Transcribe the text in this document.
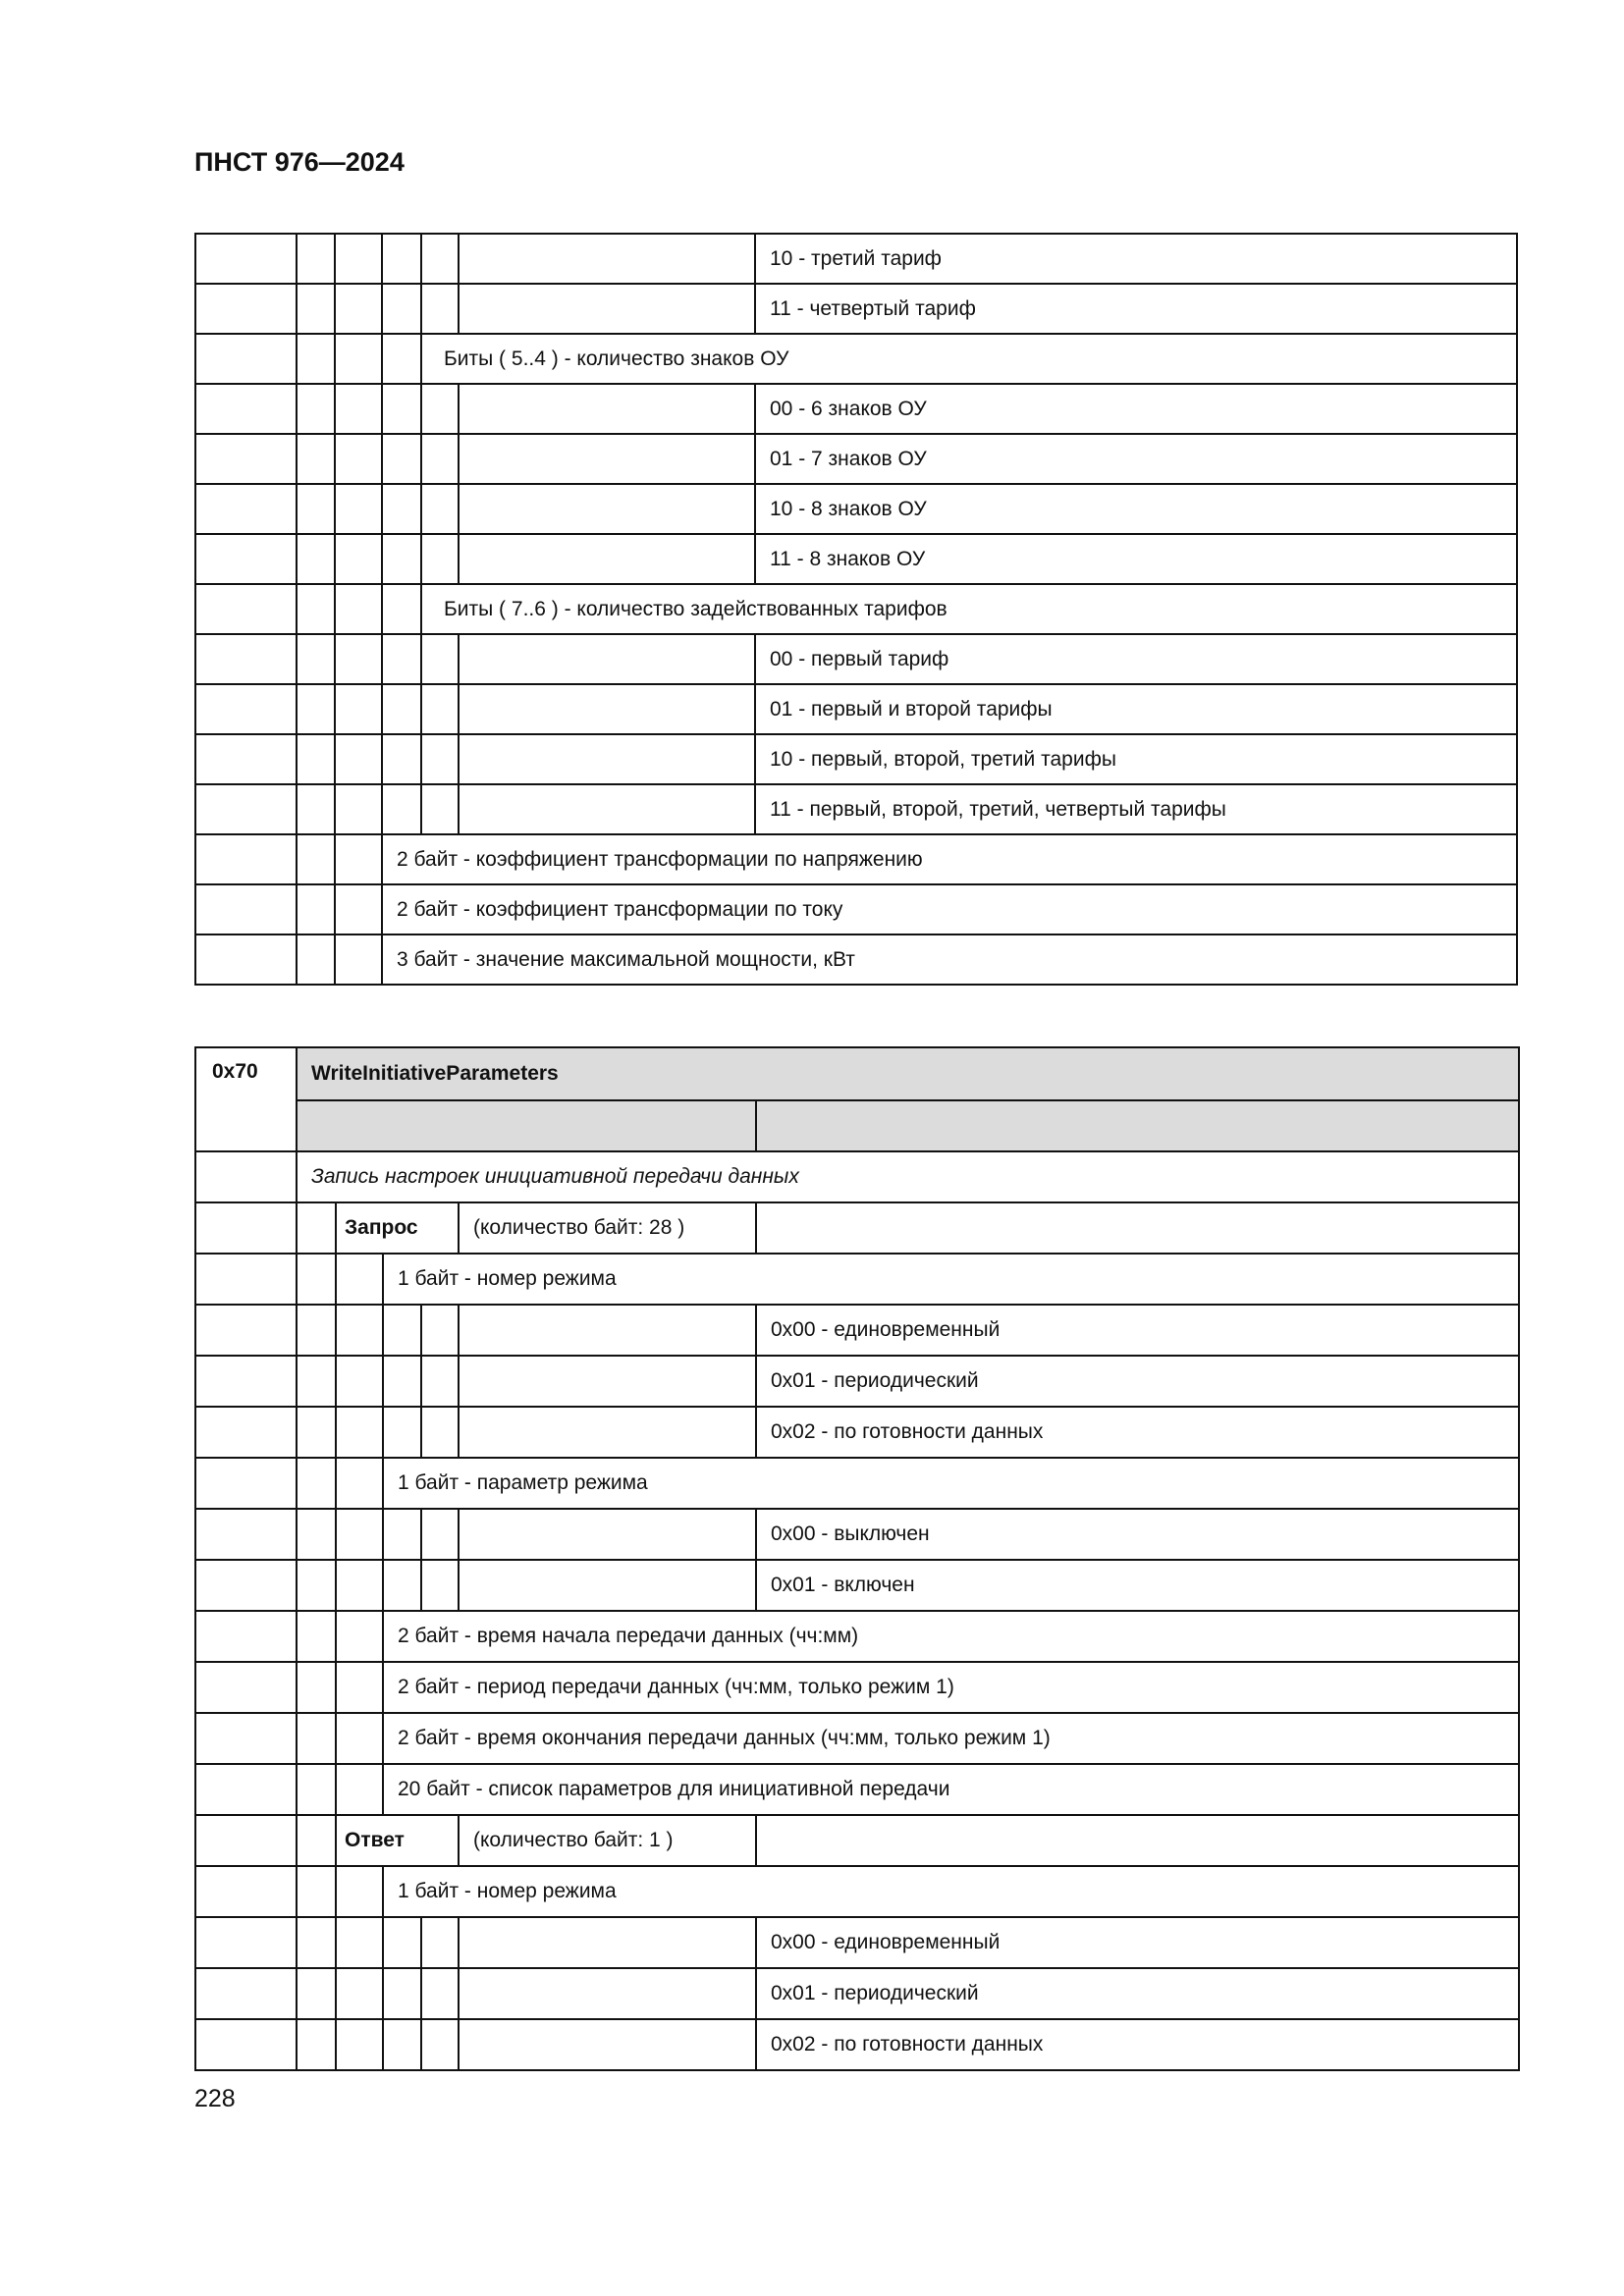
ПНСТ 976—2024
						10 - третий тариф
						11 - четвертый тариф
				Биты ( 5..4 ) - количество знаков ОУ		
						00 - 6 знаков ОУ
						01 - 7 знаков ОУ
						10 - 8 знаков ОУ
						11 - 8 знаков ОУ
				Биты ( 7..6 ) - количество задействованных тарифов		
						00 - первый тариф
						01 - первый и второй тарифы
						10 - первый, второй, третий тарифы
						11 - первый, второй, третий, четвертый тарифы
			2 байт - коэффициент трансформации по напряжению			
			2 байт - коэффициент трансформации по току			
			3 байт - значение максимальной мощности, кВт			
0x70	WriteInitiativeParameters					

	Запись настроек инициативной передачи данных					
		Запрос			(количество байт: 28 )	
			1 байт - номер режима			
						0x00 - единовременный
						0x01 - периодический
						0x02 - по готовности данных
			1 байт - параметр режима			
						0x00 - выключен
						0x01 - включен
			2 байт - время начала передачи данных (чч:мм)			
			2 байт - период передачи данных (чч:мм, только режим 1)			
			2 байт - время окончания передачи данных (чч:мм, только режим 1)			
			20 байт - список параметров для инициативной передачи			
		Ответ			(количество байт: 1 )	
			1 байт - номер режима			
						0x00 - единовременный
						0x01 - периодический
						0x02 - по готовности данных
228
